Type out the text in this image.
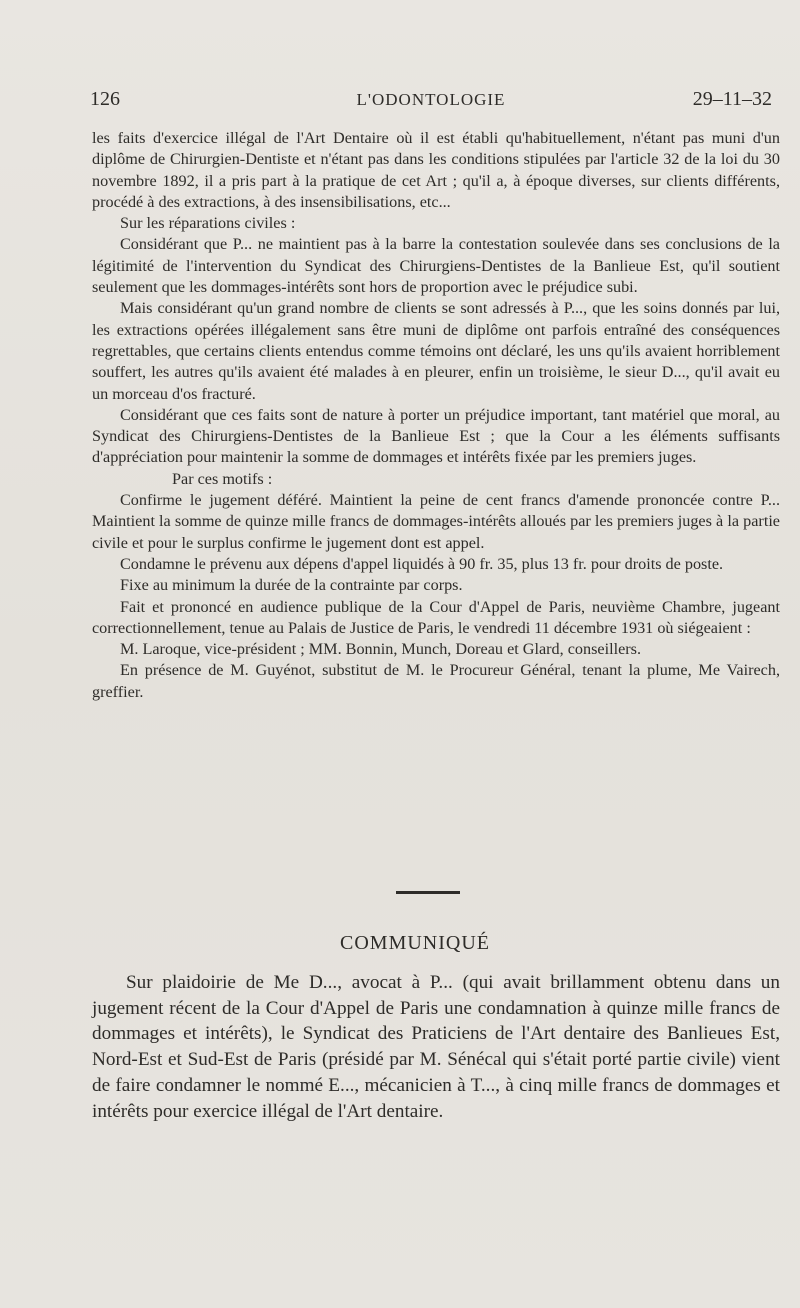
126	L'ODONTOLOGIE	29–11–32

les faits d'exercice illégal de l'Art Dentaire où il est établi qu'habituellement, n'étant pas muni d'un diplôme de Chirurgien-Dentiste et n'étant pas dans les conditions stipulées par l'article 32 de la loi du 30 novembre 1892, il a pris part à la pratique de cet Art ; qu'il a, à époque diverses, sur clients différents, procédé à des extractions, à des insensibilisations, etc...

Sur les réparations civiles :

Considérant que P... ne maintient pas à la barre la contestation soulevée dans ses conclusions de la légitimité de l'intervention du Syndicat des Chirurgiens-Dentistes de la Banlieue Est, qu'il soutient seulement que les dommages-intérêts sont hors de proportion avec le préjudice subi.

Mais considérant qu'un grand nombre de clients se sont adressés à P..., que les soins donnés par lui, les extractions opérées illégalement sans être muni de diplôme ont parfois entraîné des conséquences regrettables, que certains clients entendus comme témoins ont déclaré, les uns qu'ils avaient horriblement souffert, les autres qu'ils avaient été malades à en pleurer, enfin un troisième, le sieur D..., qu'il avait eu un morceau d'os fracturé.

Considérant que ces faits sont de nature à porter un préjudice important, tant matériel que moral, au Syndicat des Chirurgiens-Dentistes de la Banlieue Est ; que la Cour a les éléments suffisants d'appréciation pour maintenir la somme de dommages et intérêts fixée par les premiers juges.

Par ces motifs :

Confirme le jugement déféré. Maintient la peine de cent francs d'amende prononcée contre P... Maintient la somme de quinze mille francs de dommages-intérêts alloués par les premiers juges à la partie civile et pour le surplus confirme le jugement dont est appel.

Condamne le prévenu aux dépens d'appel liquidés à 90 fr. 35, plus 13 fr. pour droits de poste.

Fixe au minimum la durée de la contrainte par corps.

Fait et prononcé en audience publique de la Cour d'Appel de Paris, neuvième Chambre, jugeant correctionnellement, tenue au Palais de Justice de Paris, le vendredi 11 décembre 1931 où siégeaient :

M. Laroque, vice-président ; MM. Bonnin, Munch, Doreau et Glard, conseillers.

En présence de M. Guyénot, substitut de M. le Procureur Général, tenant la plume, Me Vairech, greffier.

COMMUNIQUÉ

Sur plaidoirie de Me D..., avocat à P... (qui avait brillamment obtenu dans un jugement récent de la Cour d'Appel de Paris une condamnation à quinze mille francs de dommages et intérêts), le Syndicat des Praticiens de l'Art dentaire des Banlieues Est, Nord-Est et Sud-Est de Paris (présidé par M. Sénécal qui s'était porté partie civile) vient de faire condamner le nommé E..., mécanicien à T..., à cinq mille francs de dommages et intérêts pour exercice illégal de l'Art dentaire.
